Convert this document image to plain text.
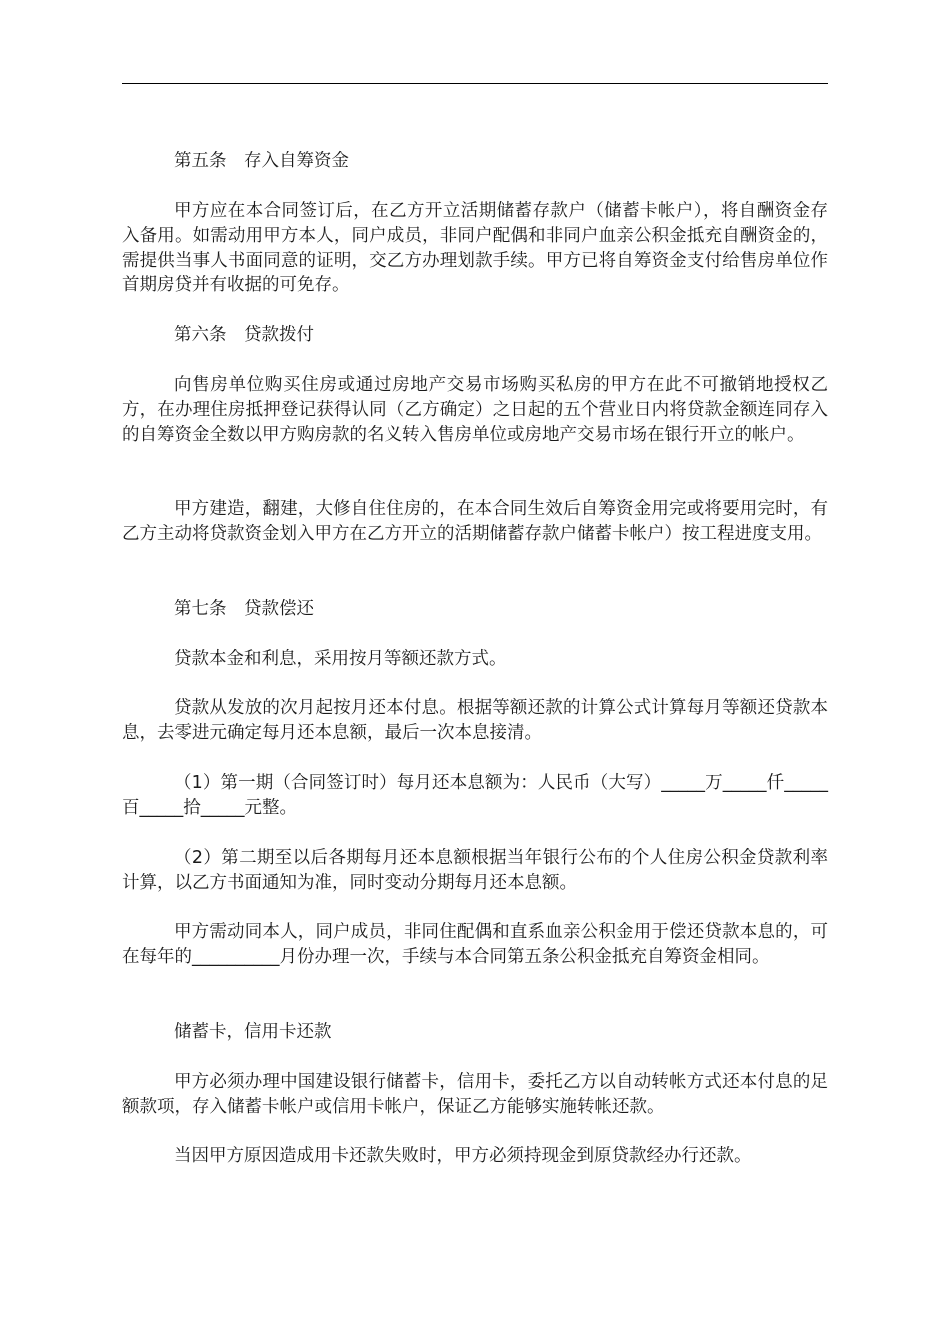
第五条　存入自筹资金
甲方应在本合同签订后，在乙方开立活期储蓄存款户（储蓄卡帐户），将自酬资金存入备用。如需动用甲方本人，同户成员，非同户配偶和非同户血亲公积金抵充自酬资金的，需提供当事人书面同意的证明，交乙方办理划款手续。甲方已将自筹资金支付给售房单位作首期房贷并有收据的可免存。
第六条　贷款拨付
向售房单位购买住房或通过房地产交易市场购买私房的甲方在此不可撤销地授权乙方，在办理住房抵押登记获得认同（乙方确定）之日起的五个营业日内将贷款金额连同存入的自筹资金全数以甲方购房款的名义转入售房单位或房地产交易市场在银行开立的帐户。
甲方建造，翻建，大修自住住房的，在本合同生效后自筹资金用完或将要用完时，有乙方主动将贷款资金划入甲方在乙方开立的活期储蓄存款户储蓄卡帐户）按工程进度支用。
第七条　贷款偿还
贷款本金和利息，采用按月等额还款方式。
贷款从发放的次月起按月还本付息。根据等额还款的计算公式计算每月等额还贷款本息，去零进元确定每月还本息额，最后一次本息接清。
（1）第一期（合同签订时）每月还本息额为：人民币（大写）_____万_____仟_____百_____拾_____元整。
（2）第二期至以后各期每月还本息额根据当年银行公布的个人住房公积金贷款利率计算，以乙方书面通知为准，同时变动分期每月还本息额。
甲方需动同本人，同户成员，非同住配偶和直系血亲公积金用于偿还贷款本息的，可在每年的__________月份办理一次，手续与本合同第五条公积金抵充自筹资金相同。
储蓄卡，信用卡还款
甲方必须办理中国建设银行储蓄卡，信用卡，委托乙方以自动转帐方式还本付息的足额款项，存入储蓄卡帐户或信用卡帐户，保证乙方能够实施转帐还款。
当因甲方原因造成用卡还款失败时，甲方必须持现金到原贷款经办行还款。
